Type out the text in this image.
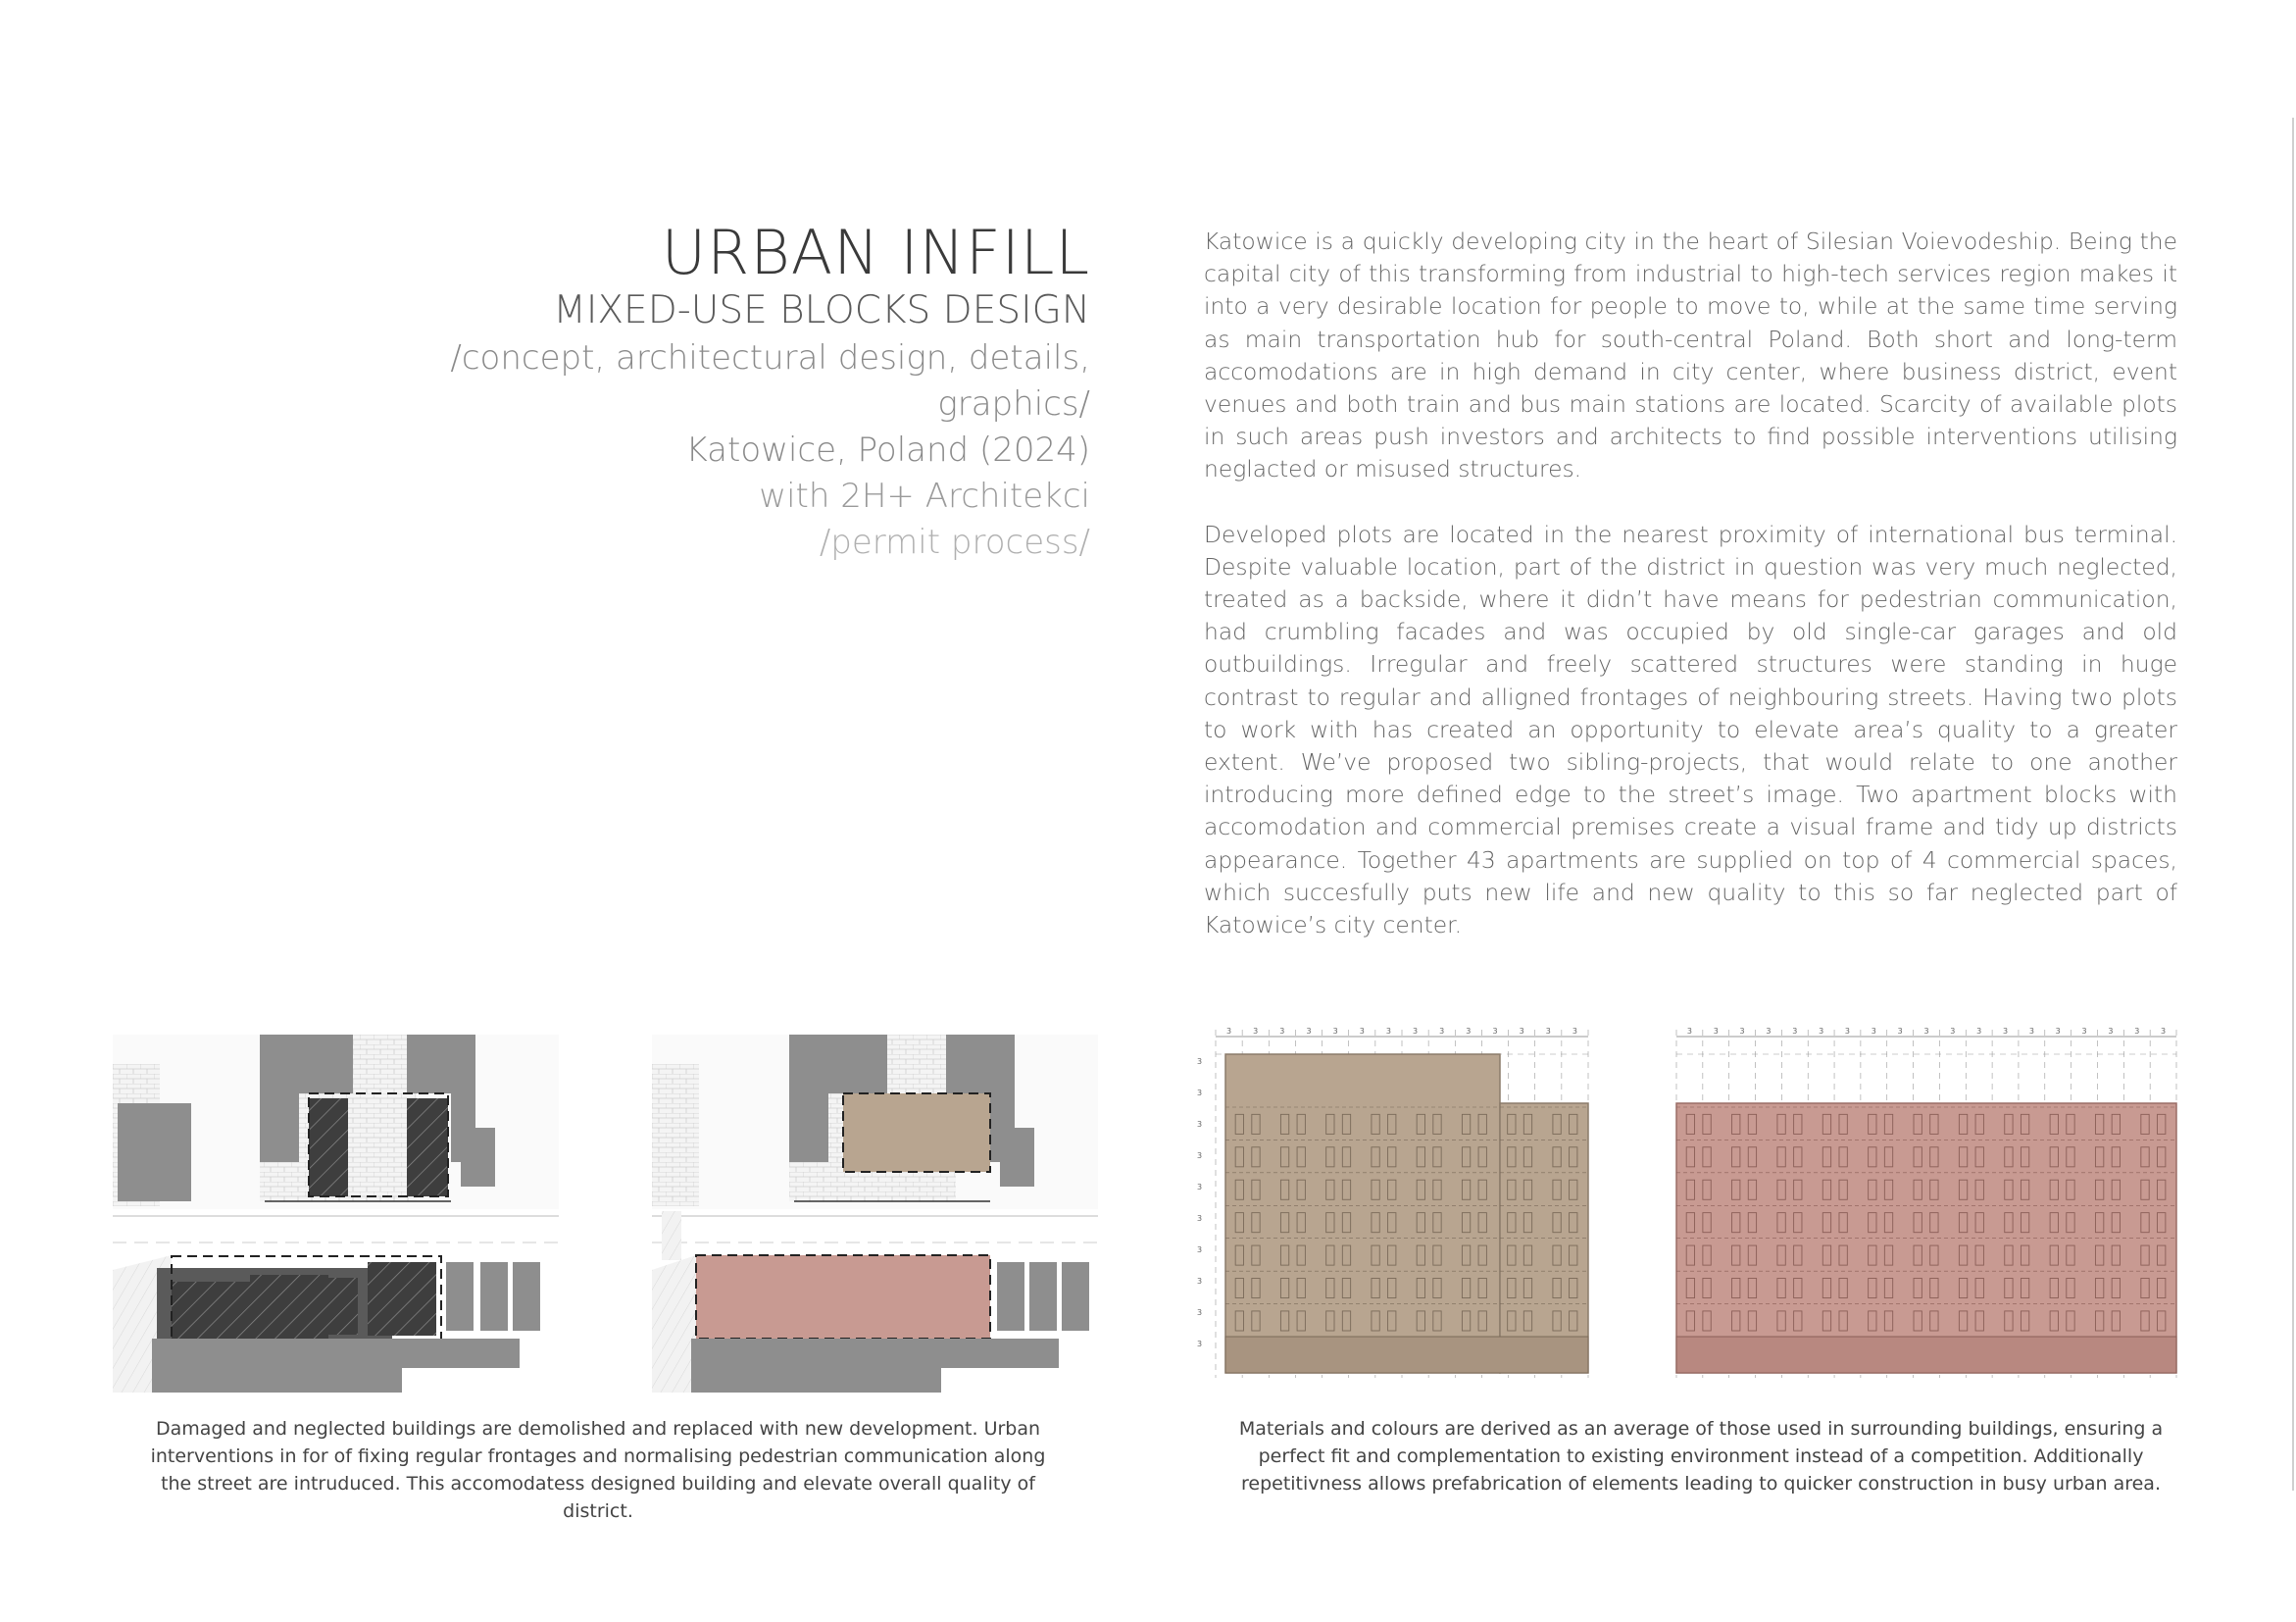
URBAN INFILL
MIXED-USE BLOCKS DESIGN
/concept, architectural design, details, graphics/
Katowice, Poland (2024)
with 2H+ Architekci
/permit process/

Katowice is a quickly developing city in the heart of Silesian Voievodeship. Being the capital city of this transforming from industrial to high-tech services region makes it into a very desirable location for people to move to, while at the same time serving as main transportation hub for south-central Poland. Both short and long-term accomodations are in high demand in city center, where business district, event venues and both train and bus main stations are located. Scarcity of available plots in such areas push investors and architects to find possible interventions utilising neglacted or misused structures.

Developed plots are located in the nearest proximity of international bus terminal. Despite valuable location, part of the district in question was very much neglected, treated as a backside, where it didn’t have means for pedestrian communication, had crumbling facades and was occupied by old single-car garages and old outbuildings. Irregular and freely scattered structures were standing in huge contrast to regular and alligned frontages of neighbouring streets. Having two plots to work with has created an opportunity to elevate area’s quality to a greater extent. We’ve proposed two sibling-projects, that would relate to one another introducing more defined edge to the street’s image. Two apartment blocks with accomodation and commercial premises create a visual frame and tidy up districts appearance. Together 43 apartments are supplied on top of 4 commercial spaces, which succesfully puts new life and new quality to this so far neglected part of Katowice’s city center.

3	3	3	3	3	3	3	3	3	3	3	3	3	3
3
3
3
3
3
3
3
3
3
3
3	3	3	3	3	3	3	3	3	3	3	3	3	3	3	3	3	3	3
Damaged and neglected buildings are demolished and replaced with new development. Urban interventions in for of fixing regular frontages and normalising pedestrian communication along the street are intruduced. This accomodatess designed building and elevate overall quality of district.
Materials and colours are derived as an average of those used in surrounding buildings, ensuring a perfect fit and complementation to existing environment instead of a competition. Additionally repetitivness allows prefabrication of elements leading to quicker construction in busy urban area.
